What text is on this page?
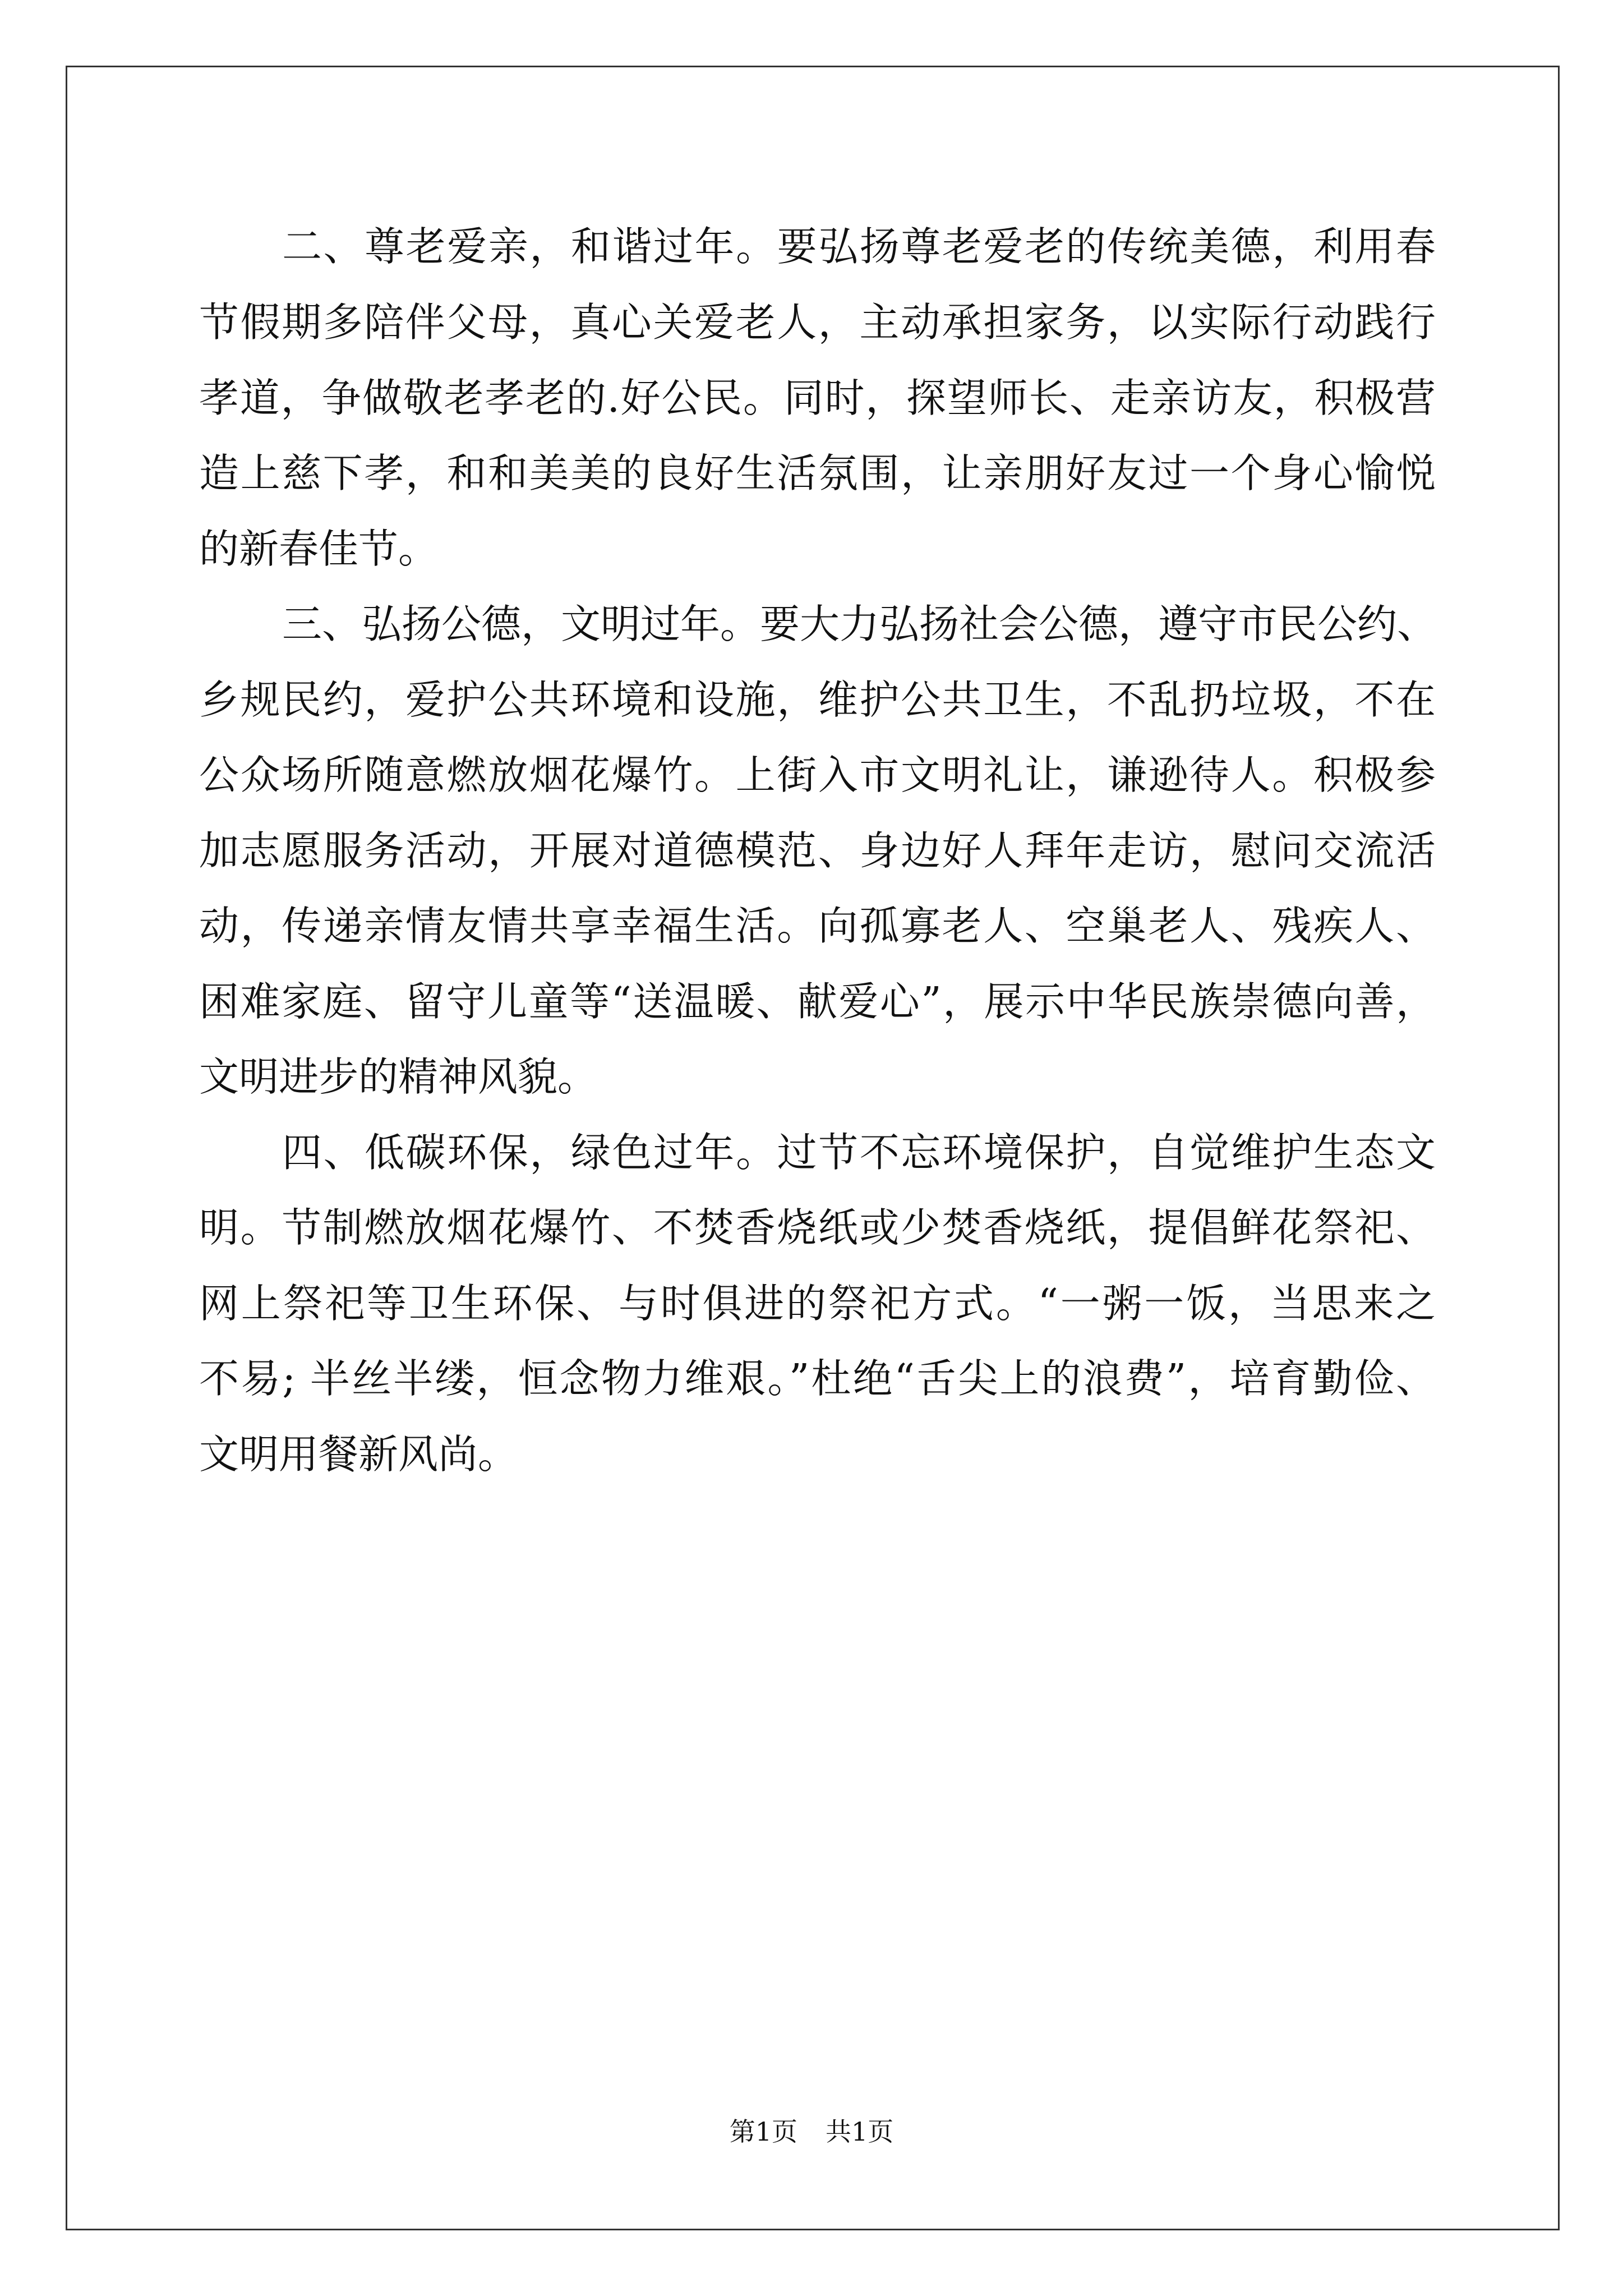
二、尊老爱亲，和谐过年。要弘扬尊老爱老的传统美德，利用春
节假期多陪伴父母，真心关爱老人，主动承担家务，以实际行动践行
孝道，争做敬老孝老的.好公民。同时，探望师长、走亲访友，积极营
造上慈下孝，和和美美的良好生活氛围，让亲朋好友过一个身心愉悦
的新春佳节。
三、弘扬公德，文明过年。要大力弘扬社会公德，遵守市民公约、
乡规民约，爱护公共环境和设施，维护公共卫生，不乱扔垃圾，不在
公众场所随意燃放烟花爆竹。上街入市文明礼让，谦逊待人。积极参
加志愿服务活动，开展对道德模范、身边好人拜年走访，慰问交流活
动，传递亲情友情共享幸福生活。向孤寡老人、空巢老人、残疾人、
困难家庭、留守儿童等“送温暖、献爱心”，展示中华民族崇德向善，
文明进步的精神风貌。
四、低碳环保，绿色过年。过节不忘环境保护，自觉维护生态文
明。节制燃放烟花爆竹、不焚香烧纸或少焚香烧纸，提倡鲜花祭祀、
网上祭祀等卫生环保、与时俱进的祭祀方式。“一粥一饭，当思来之
不易; 半丝半缕，恒念物力维艰。”杜绝“舌尖上的浪费”，培育勤俭、
文明用餐新风尚。
第1页 共1页
